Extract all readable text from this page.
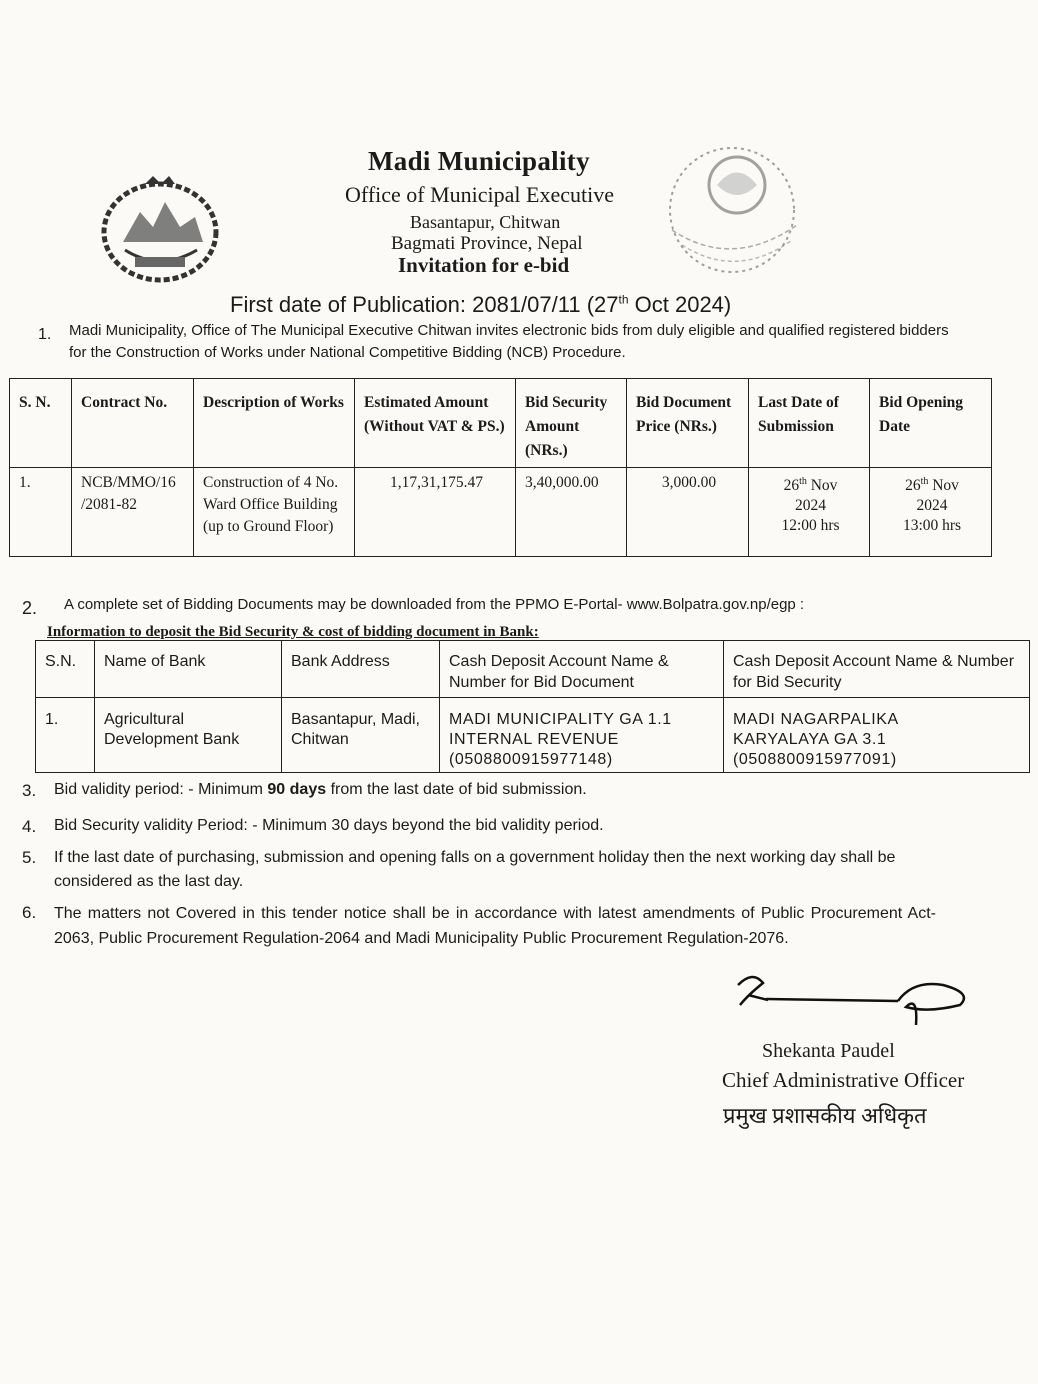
Madi Municipality
Office of Municipal Executive
Basantapur, Chitwan
Bagmati Province, Nepal
Invitation for e-bid
First date of Publication: 2081/07/11 (27th Oct 2024)
1. Madi Municipality, Office of The Municipal Executive Chitwan invites electronic bids from duly eligible and qualified registered bidders for the Construction of Works under National Competitive Bidding (NCB) Procedure.
S. N.	Contract No.	Description of Works	Estimated Amount (Without VAT & PS.)	Bid Security Amount (NRs.)	Bid Document Price (NRs.)	Last Date of Submission	Bid Opening Date
1.	NCB/MMO/16 /2081-82	Construction of 4 No. Ward Office Building (up to Ground Floor)	1,17,31,175.47	3,40,000.00	3,000.00	26th Nov
2024
12:00 hrs	26th Nov
2024
13:00 hrs
2. A complete set of Bidding Documents may be downloaded from the PPMO E-Portal- www.Bolpatra.gov.np/egp :
Information to deposit the Bid Security & cost of bidding document in Bank:
S.N.	Name of Bank	Bank Address	Cash Deposit Account Name & Number for Bid Document	Cash Deposit Account Name & Number for Bid Security
1.	Agricultural Development Bank	Basantapur, Madi, Chitwan	MADI MUNICIPALITY GA 1.1
INTERNAL REVENUE
(0508800915977148)	MADI NAGARPALIKA
KARYALAYA GA 3.1
(0508800915977091)
3. Bid validity period: - Minimum 90 days from the last date of bid submission.
4. Bid Security validity Period: - Minimum 30 days beyond the bid validity period.
5. If the last date of purchasing, submission and opening falls on a government holiday then the next working day shall be considered as the last day.
6. The matters not Covered in this tender notice shall be in accordance with latest amendments of Public Procurement Act-2063, Public Procurement Regulation-2064 and Madi Municipality Public Procurement Regulation-2076.
Shekanta Paudel
Chief Administrative Officer
प्रमुख प्रशासकीय अधिकृत
